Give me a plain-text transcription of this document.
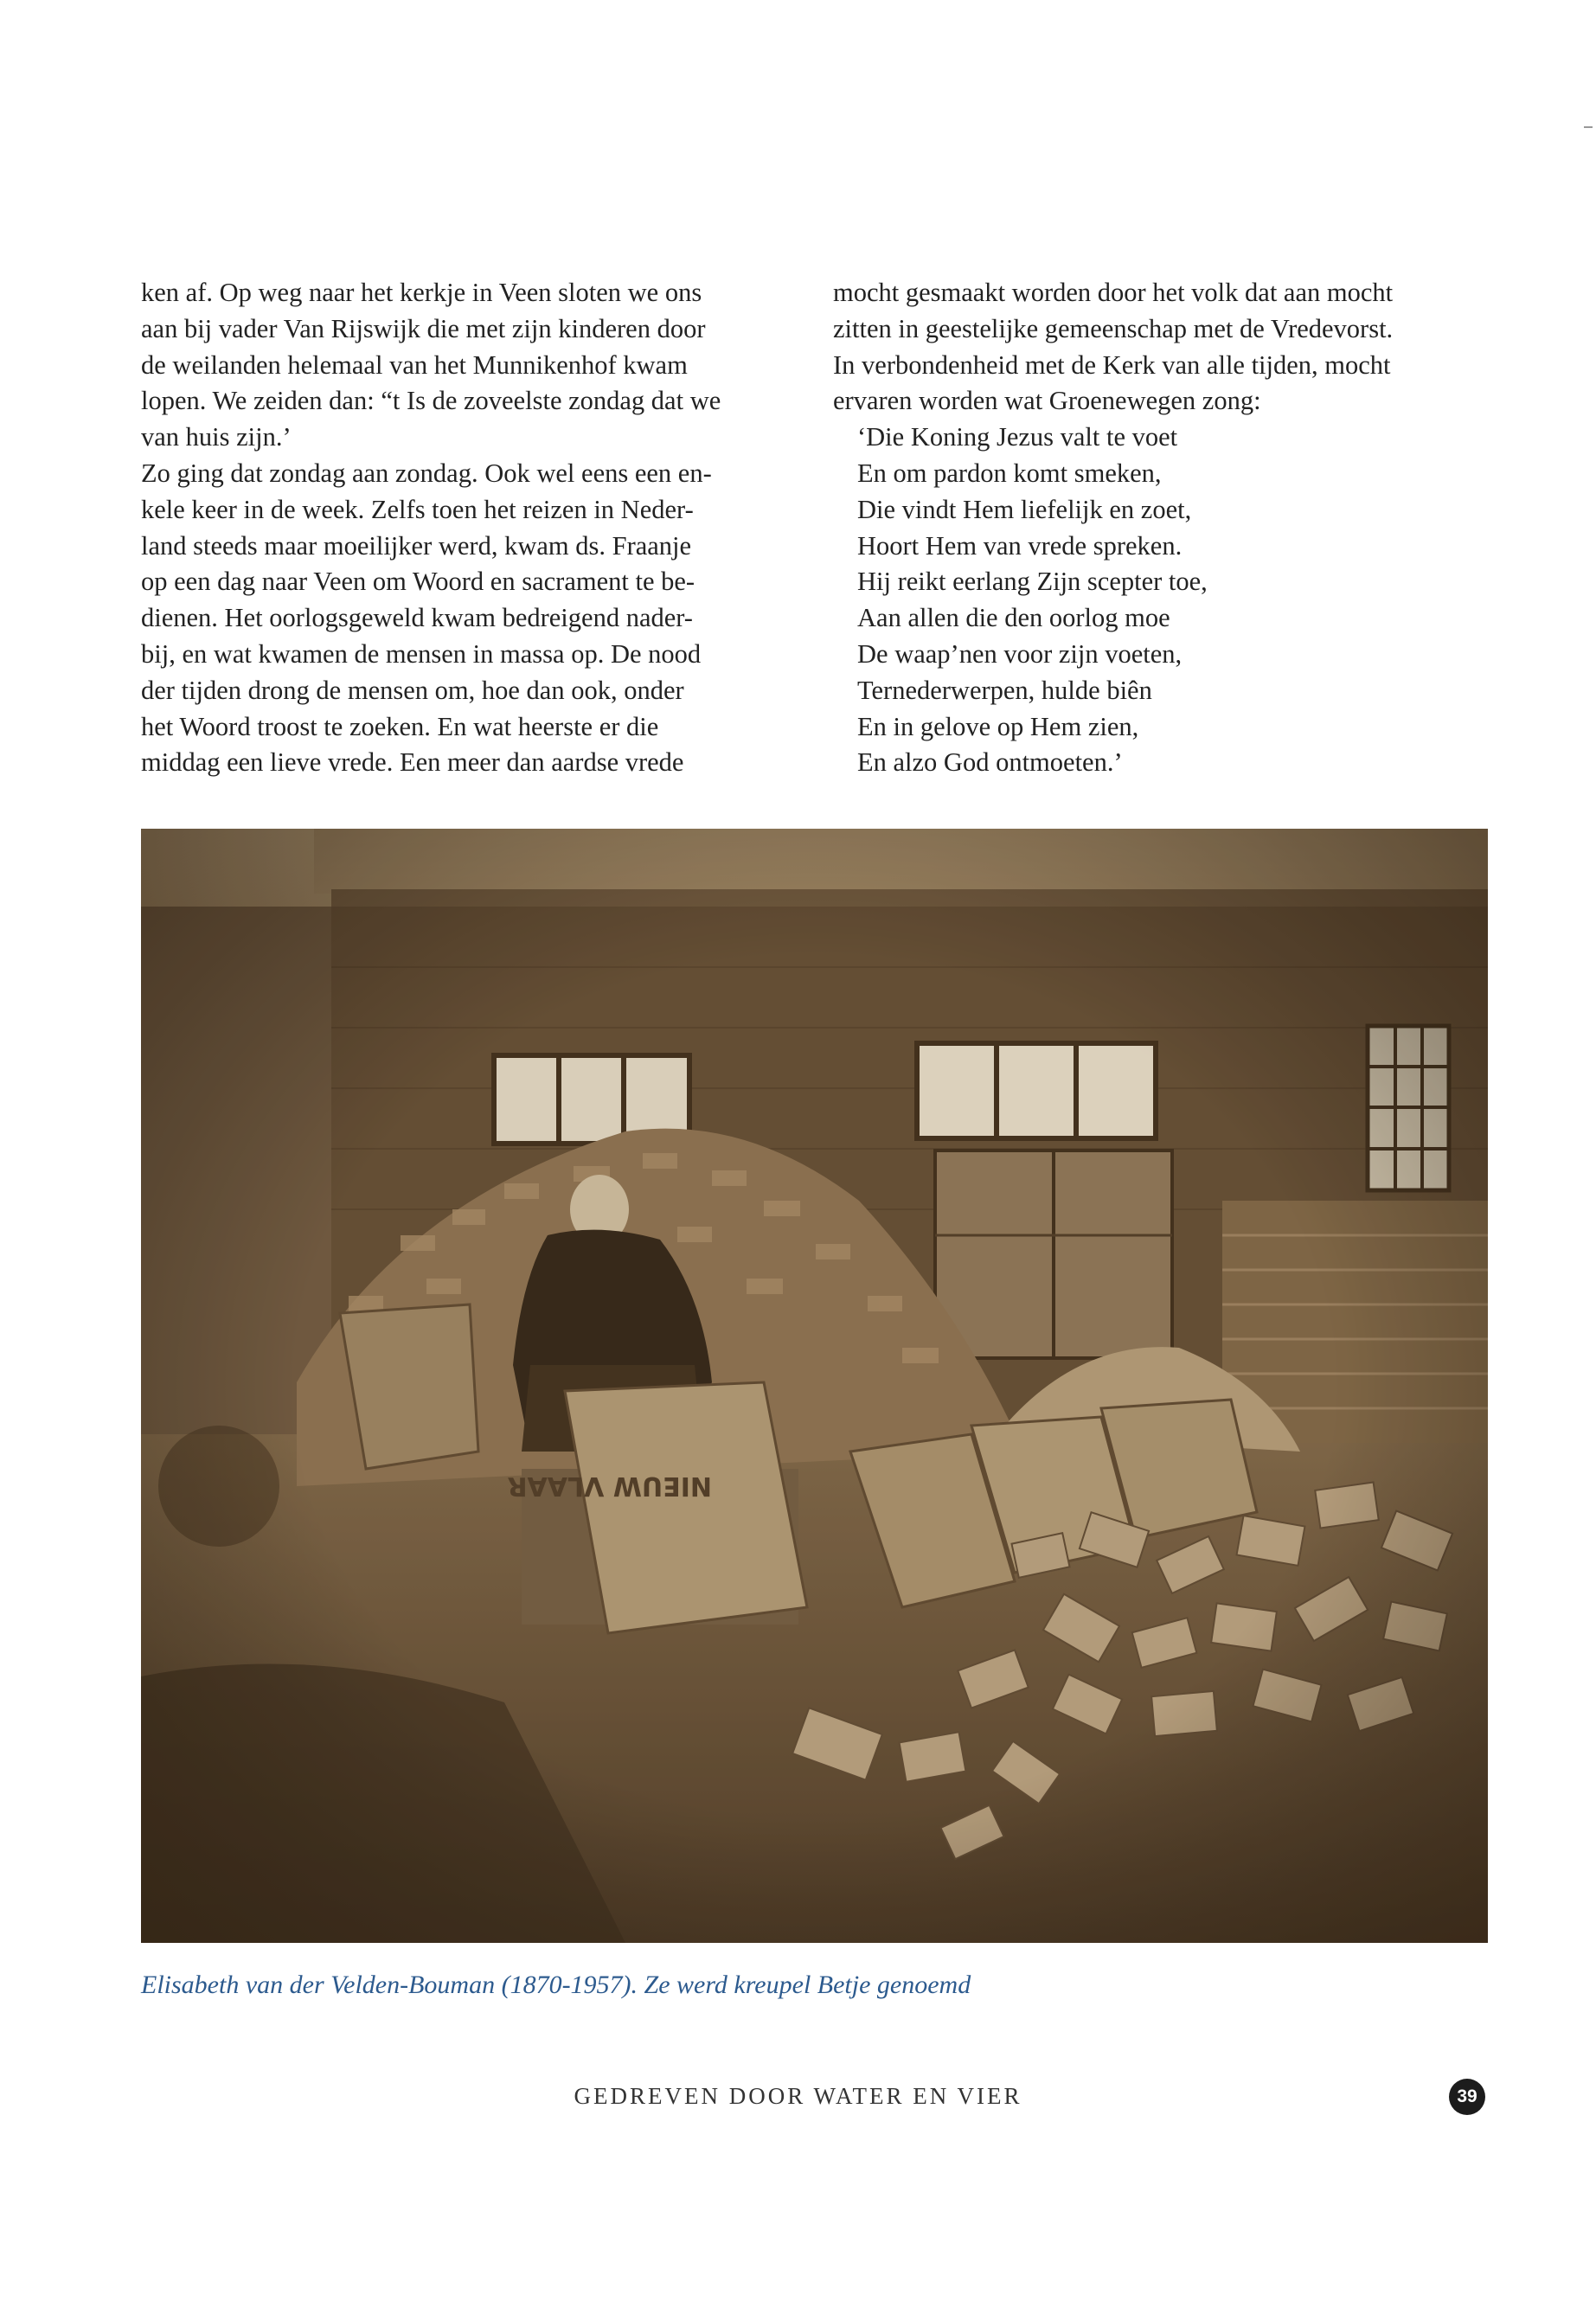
ken af. Op weg naar het kerkje in Veen sloten we ons

aan bij vader Van Rijswijk die met zijn kinderen door

de weilanden helemaal van het Munnikenhof kwam

lopen. We zeiden dan: “t Is de zoveelste zondag dat we

van huis zijn.’

Zo ging dat zondag aan zondag. Ook wel eens een en-

kele keer in de week. Zelfs toen het reizen in Neder-

land steeds maar moeilijker werd, kwam ds. Fraanje

op een dag naar Veen om Woord en sacrament te be-

dienen. Het oorlogsgeweld kwam bedreigend nader-

bij, en wat kwamen de mensen in massa op. De nood

der tijden drong de mensen om, hoe dan ook, onder

het Woord troost te zoeken. En wat heerste er die

middag een lieve vrede. Een meer dan aardse vrede

mocht gesmaakt worden door het volk dat aan mocht

zitten in geestelijke gemeenschap met de Vredevorst.

In verbondenheid met de Kerk van alle tijden, mocht

ervaren worden wat Groenewegen zong:

‘Die Koning Jezus valt te voet

En om pardon komt smeken,

Die vindt Hem liefelijk en zoet,

Hoort Hem van vrede spreken.

Hij reikt eerlang Zijn scepter toe,

Aan allen die den oorlog moe

De waap’nen voor zijn voeten,

Ternederwerpen, hulde biên

En in gelove op Hem zien,

En alzo God ontmoeten.’

Elisabeth van der Velden-Bouman (1870-1957). Ze werd kreupel Betje genoemd
GEDREVEN DOOR WATER EN VIER	39
